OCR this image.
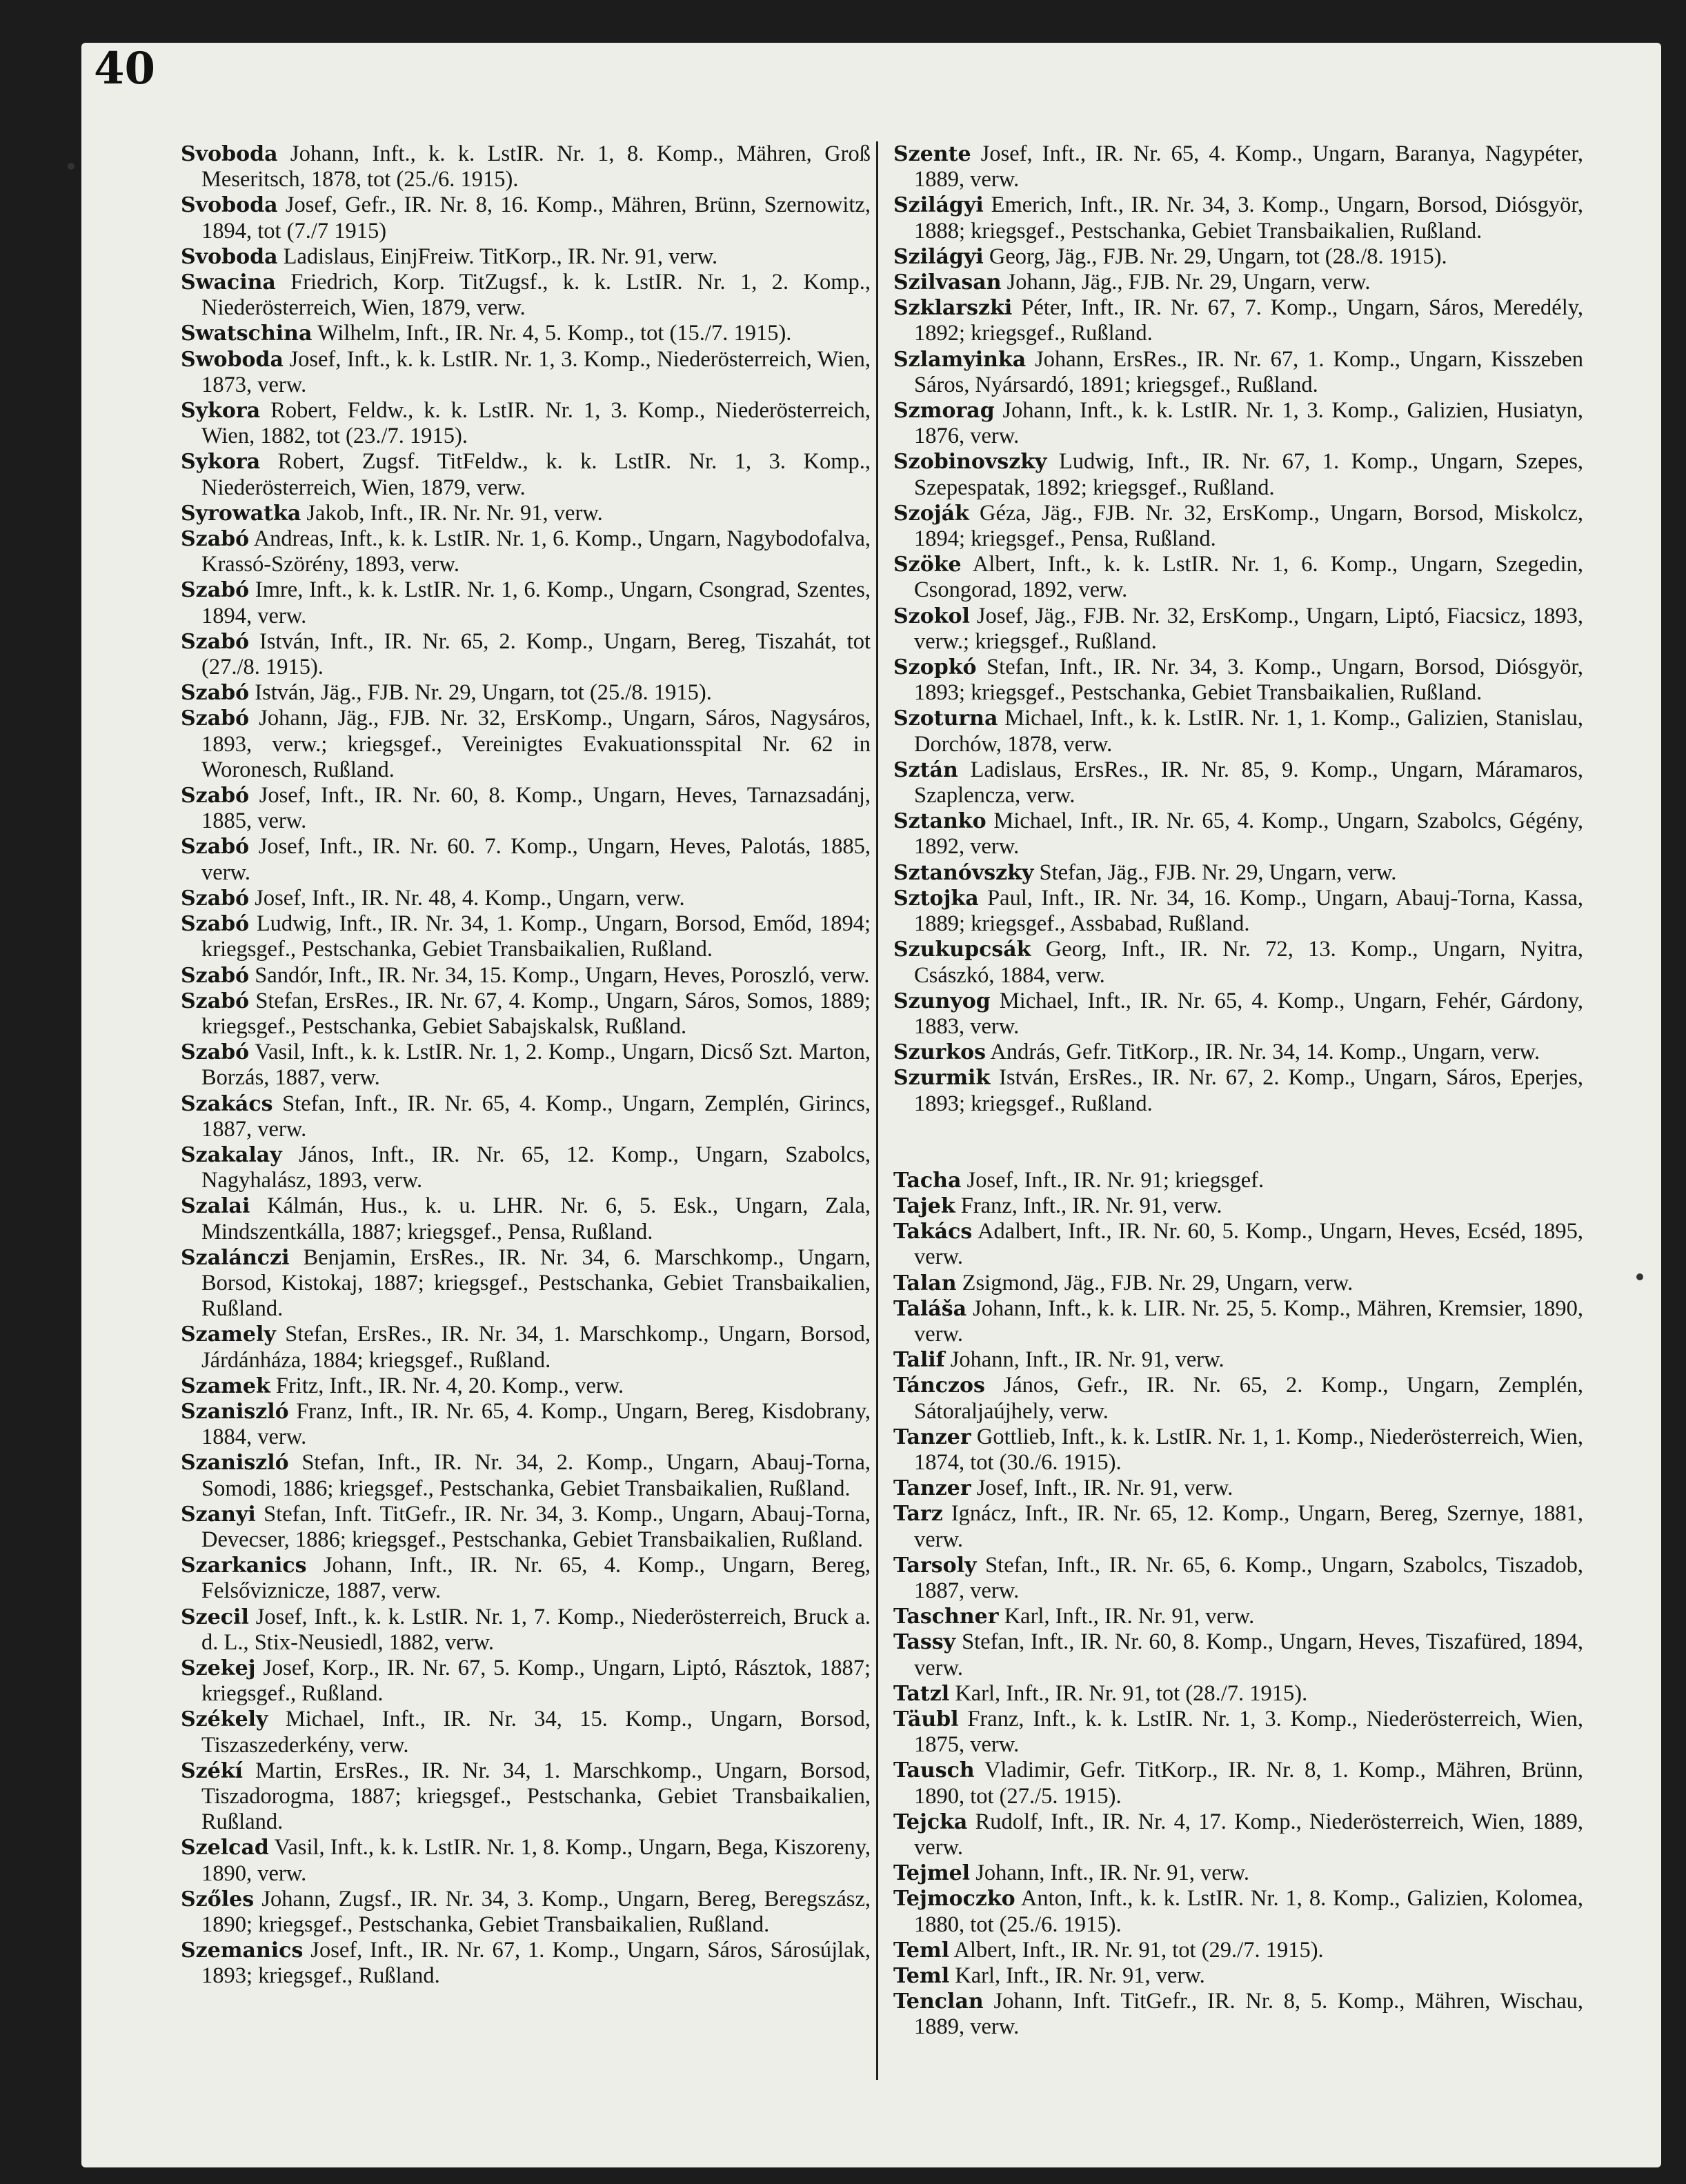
40
Svoboda Johann, Inft., k. k. LstIR. Nr. 1, 8. Komp., Mähren, Groß Meseritsch, 1878, tot (25./6. 1915).
Svoboda Josef, Gefr., IR. Nr. 8, 16. Komp., Mähren, Brünn, Szernowitz, 1894, tot (7./7 1915)
Svoboda Ladislaus, EinjFreiw. TitKorp., IR. Nr. 91, verw.
Swacina Friedrich, Korp. TitZugsf., k. k. LstIR. Nr. 1, 2. Komp., Niederösterreich, Wien, 1879, verw.
Swatschina Wilhelm, Inft., IR. Nr. 4, 5. Komp., tot (15./7. 1915).
Swoboda Josef, Inft., k. k. LstIR. Nr. 1, 3. Komp., Niederösterreich, Wien, 1873, verw.
Sykora Robert, Feldw., k. k. LstIR. Nr. 1, 3. Komp., Niederösterreich, Wien, 1882, tot (23./7. 1915).
Sykora Robert, Zugsf. TitFeldw., k. k. LstIR. Nr. 1, 3. Komp., Niederösterreich, Wien, 1879, verw.
Syrowatka Jakob, Inft., IR. Nr. Nr. 91, verw.
Szabó Andreas, Inft., k. k. LstIR. Nr. 1, 6. Komp., Ungarn, Nagybodofalva, Krassó-Szörény, 1893, verw.
Szabó Imre, Inft., k. k. LstIR. Nr. 1, 6. Komp., Ungarn, Csongrad, Szentes, 1894, verw.
Szabó István, Inft., IR. Nr. 65, 2. Komp., Ungarn, Bereg, Tiszahát, tot (27./8. 1915).
Szabó István, Jäg., FJB. Nr. 29, Ungarn, tot (25./8. 1915).
Szabó Johann, Jäg., FJB. Nr. 32, ErsKomp., Ungarn, Sáros, Nagysáros, 1893, verw.; kriegsgef., Vereinigtes Evakuationsspital Nr. 62 in Woronesch, Rußland.
Szabó Josef, Inft., IR. Nr. 60, 8. Komp., Ungarn, Heves, Tarnazsadánj, 1885, verw.
Szabó Josef, Inft., IR. Nr. 60. 7. Komp., Ungarn, Heves, Palotás, 1885, verw.
Szabó Josef, Inft., IR. Nr. 48, 4. Komp., Ungarn, verw.
Szabó Ludwig, Inft., IR. Nr. 34, 1. Komp., Ungarn, Borsod, Emőd, 1894; kriegsgef., Pestschanka, Gebiet Transbaikalien, Rußland.
Szabó Sandór, Inft., IR. Nr. 34, 15. Komp., Ungarn, Heves, Poroszló, verw.
Szabó Stefan, ErsRes., IR. Nr. 67, 4. Komp., Ungarn, Sáros, Somos, 1889; kriegsgef., Pestschanka, Gebiet Sabajskalsk, Rußland.
Szabó Vasil, Inft., k. k. LstIR. Nr. 1, 2. Komp., Ungarn, Dicső Szt. Marton, Borzás, 1887, verw.
Szakács Stefan, Inft., IR. Nr. 65, 4. Komp., Ungarn, Zemplén, Girincs, 1887, verw.
Szakalay János, Inft., IR. Nr. 65, 12. Komp., Ungarn, Szabolcs, Nagyhalász, 1893, verw.
Szalai Kálmán, Hus., k. u. LHR. Nr. 6, 5. Esk., Ungarn, Zala, Mindszentkálla, 1887; kriegsgef., Pensa, Rußland.
Szalánczi Benjamin, ErsRes., IR. Nr. 34, 6. Marschkomp., Ungarn, Borsod, Kistokaj, 1887; kriegsgef., Pestschanka, Gebiet Transbaikalien, Rußland.
Szamely Stefan, ErsRes., IR. Nr. 34, 1. Marschkomp., Ungarn, Borsod, Járdánháza, 1884; kriegsgef., Rußland.
Szamek Fritz, Inft., IR. Nr. 4, 20. Komp., verw.
Szaniszló Franz, Inft., IR. Nr. 65, 4. Komp., Ungarn, Bereg, Kisdobrany, 1884, verw.
Szaniszló Stefan, Inft., IR. Nr. 34, 2. Komp., Ungarn, Abauj-Torna, Somodi, 1886; kriegsgef., Pestschanka, Gebiet Transbaikalien, Rußland.
Szanyi Stefan, Inft. TitGefr., IR. Nr. 34, 3. Komp., Ungarn, Abauj-Torna, Devecser, 1886; kriegsgef., Pestschanka, Gebiet Transbaikalien, Rußland.
Szarkanics Johann, Inft., IR. Nr. 65, 4. Komp., Ungarn, Bereg, Felsőviznicze, 1887, verw.
Szecil Josef, Inft., k. k. LstIR. Nr. 1, 7. Komp., Niederösterreich, Bruck a. d. L., Stix-Neusiedl, 1882, verw.
Szekej Josef, Korp., IR. Nr. 67, 5. Komp., Ungarn, Liptó, Rásztok, 1887; kriegsgef., Rußland.
Székely Michael, Inft., IR. Nr. 34, 15. Komp., Ungarn, Borsod, Tiszaszederkény, verw.
Székí Martin, ErsRes., IR. Nr. 34, 1. Marschkomp., Ungarn, Borsod, Tiszadorogma, 1887; kriegsgef., Pestschanka, Gebiet Transbaikalien, Rußland.
Szelcad Vasil, Inft., k. k. LstIR. Nr. 1, 8. Komp., Ungarn, Bega, Kiszoreny, 1890, verw.
Szőles Johann, Zugsf., IR. Nr. 34, 3. Komp., Ungarn, Bereg, Beregszász, 1890; kriegsgef., Pestschanka, Gebiet Transbaikalien, Rußland.
Szemanics Josef, Inft., IR. Nr. 67, 1. Komp., Ungarn, Sáros, Sárosújlak, 1893; kriegsgef., Rußland.
Szente Josef, Inft., IR. Nr. 65, 4. Komp., Ungarn, Baranya, Nagypéter, 1889, verw.
Szilágyi Emerich, Inft., IR. Nr. 34, 3. Komp., Ungarn, Borsod, Diósgyör, 1888; kriegsgef., Pestschanka, Gebiet Transbaikalien, Rußland.
Szilágyi Georg, Jäg., FJB. Nr. 29, Ungarn, tot (28./8. 1915).
Szilvasan Johann, Jäg., FJB. Nr. 29, Ungarn, verw.
Szklarszki Péter, Inft., IR. Nr. 67, 7. Komp., Ungarn, Sáros, Meredély, 1892; kriegsgef., Rußland.
Szlamyinka Johann, ErsRes., IR. Nr. 67, 1. Komp., Ungarn, Kisszeben Sáros, Nyársardó, 1891; kriegsgef., Rußland.
Szmorag Johann, Inft., k. k. LstIR. Nr. 1, 3. Komp., Galizien, Husiatyn, 1876, verw.
Szobinovszky Ludwig, Inft., IR. Nr. 67, 1. Komp., Ungarn, Szepes, Szepespatak, 1892; kriegsgef., Rußland.
Szoják Géza, Jäg., FJB. Nr. 32, ErsKomp., Ungarn, Borsod, Miskolcz, 1894; kriegsgef., Pensa, Rußland.
Szöke Albert, Inft., k. k. LstIR. Nr. 1, 6. Komp., Ungarn, Szegedin, Csongorad, 1892, verw.
Szokol Josef, Jäg., FJB. Nr. 32, ErsKomp., Ungarn, Liptó, Fiacsicz, 1893, verw.; kriegsgef., Rußland.
Szopkó Stefan, Inft., IR. Nr. 34, 3. Komp., Ungarn, Borsod, Diósgyör, 1893; kriegsgef., Pestschanka, Gebiet Transbaikalien, Rußland.
Szoturna Michael, Inft., k. k. LstIR. Nr. 1, 1. Komp., Galizien, Stanislau, Dorchów, 1878, verw.
Sztán Ladislaus, ErsRes., IR. Nr. 85, 9. Komp., Ungarn, Máramaros, Szaplencza, verw.
Sztanko Michael, Inft., IR. Nr. 65, 4. Komp., Ungarn, Szabolcs, Gégény, 1892, verw.
Sztanóvszky Stefan, Jäg., FJB. Nr. 29, Ungarn, verw.
Sztojka Paul, Inft., IR. Nr. 34, 16. Komp., Ungarn, Abauj-Torna, Kassa, 1889; kriegsgef., Assbabad, Rußland.
Szukupcsák Georg, Inft., IR. Nr. 72, 13. Komp., Ungarn, Nyitra, Császkó, 1884, verw.
Szunyog Michael, Inft., IR. Nr. 65, 4. Komp., Ungarn, Fehér, Gárdony, 1883, verw.
Szurkos András, Gefr. TitKorp., IR. Nr. 34, 14. Komp., Ungarn, verw.
Szurmik István, ErsRes., IR. Nr. 67, 2. Komp., Ungarn, Sáros, Eperjes, 1893; kriegsgef., Rußland.
Tacha Josef, Inft., IR. Nr. 91; kriegsgef.
Tajek Franz, Inft., IR. Nr. 91, verw.
Takács Adalbert, Inft., IR. Nr. 60, 5. Komp., Ungarn, Heves, Ecséd, 1895, verw.
Talan Zsigmond, Jäg., FJB. Nr. 29, Ungarn, verw.
Taláša Johann, Inft., k. k. LIR. Nr. 25, 5. Komp., Mähren, Kremsier, 1890, verw.
Talif Johann, Inft., IR. Nr. 91, verw.
Tánczos János, Gefr., IR. Nr. 65, 2. Komp., Ungarn, Zemplén, Sátoraljaújhely, verw.
Tanzer Gottlieb, Inft., k. k. LstIR. Nr. 1, 1. Komp., Niederösterreich, Wien, 1874, tot (30./6. 1915).
Tanzer Josef, Inft., IR. Nr. 91, verw.
Tarz Ignácz, Inft., IR. Nr. 65, 12. Komp., Ungarn, Bereg, Szernye, 1881, verw.
Tarsoly Stefan, Inft., IR. Nr. 65, 6. Komp., Ungarn, Szabolcs, Tiszadob, 1887, verw.
Taschner Karl, Inft., IR. Nr. 91, verw.
Tassy Stefan, Inft., IR. Nr. 60, 8. Komp., Ungarn, Heves, Tiszafüred, 1894, verw.
Tatzl Karl, Inft., IR. Nr. 91, tot (28./7. 1915).
Täubl Franz, Inft., k. k. LstIR. Nr. 1, 3. Komp., Niederösterreich, Wien, 1875, verw.
Tausch Vladimir, Gefr. TitKorp., IR. Nr. 8, 1. Komp., Mähren, Brünn, 1890, tot (27./5. 1915).
Tejcka Rudolf, Inft., IR. Nr. 4, 17. Komp., Niederösterreich, Wien, 1889, verw.
Tejmel Johann, Inft., IR. Nr. 91, verw.
Tejmoczko Anton, Inft., k. k. LstIR. Nr. 1, 8. Komp., Galizien, Kolomea, 1880, tot (25./6. 1915).
Teml Albert, Inft., IR. Nr. 91, tot (29./7. 1915).
Teml Karl, Inft., IR. Nr. 91, verw.
Tenclan Johann, Inft. TitGefr., IR. Nr. 8, 5. Komp., Mähren, Wischau, 1889, verw.
